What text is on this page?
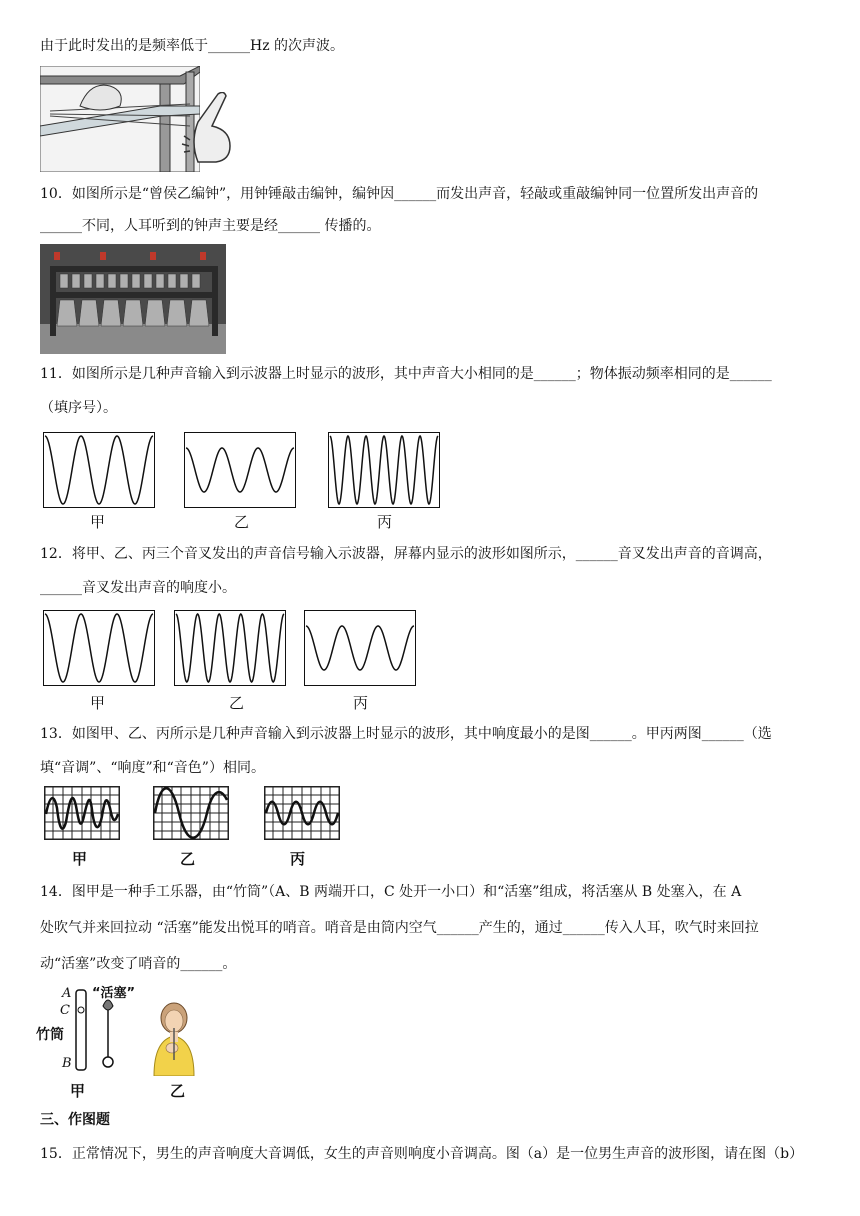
由于此时发出的是频率低于______Hz 的次声波。
10．如图所示是“曾侯乙编钟”，用钟锤敲击编钟，编钟因______而发出声音，轻敲或重敲编钟同一位置所发出声音的
______不同，人耳听到的钟声主要是经______ 传播的。
11．如图所示是几种声音输入到示波器上时显示的波形，其中声音大小相同的是______；物体振动频率相同的是______
（填序号）。
甲	乙	丙
12．将甲、乙、丙三个音叉发出的声音信号输入示波器，屏幕内显示的波形如图所示，______音叉发出声音的音调高，
______音叉发出声音的响度小。
甲	乙	丙
13．如图甲、乙、丙所示是几种声音输入到示波器上时显示的波形，其中响度最小的是图______。甲丙两图______（选
填“音调”、“响度”和“音色”）相同。
甲	乙	丙
14．图甲是一种手工乐器，由“竹筒”（A、B 两端开口，C 处开一小口）和“活塞”组成，将活塞从 B 处塞入，在 A
处吹气并来回拉动 “活塞”能发出悦耳的哨音。哨音是由筒内空气______产生的，通过______传入人耳，吹气时来回拉
动“活塞”改变了哨音的______。
A
C
B
竹筒
“活塞”
甲	乙
三、作图题
15．正常情况下，男生的声音响度大音调低，女生的声音则响度小音调高。图（a）是一位男生声音的波形图，请在图（b）
